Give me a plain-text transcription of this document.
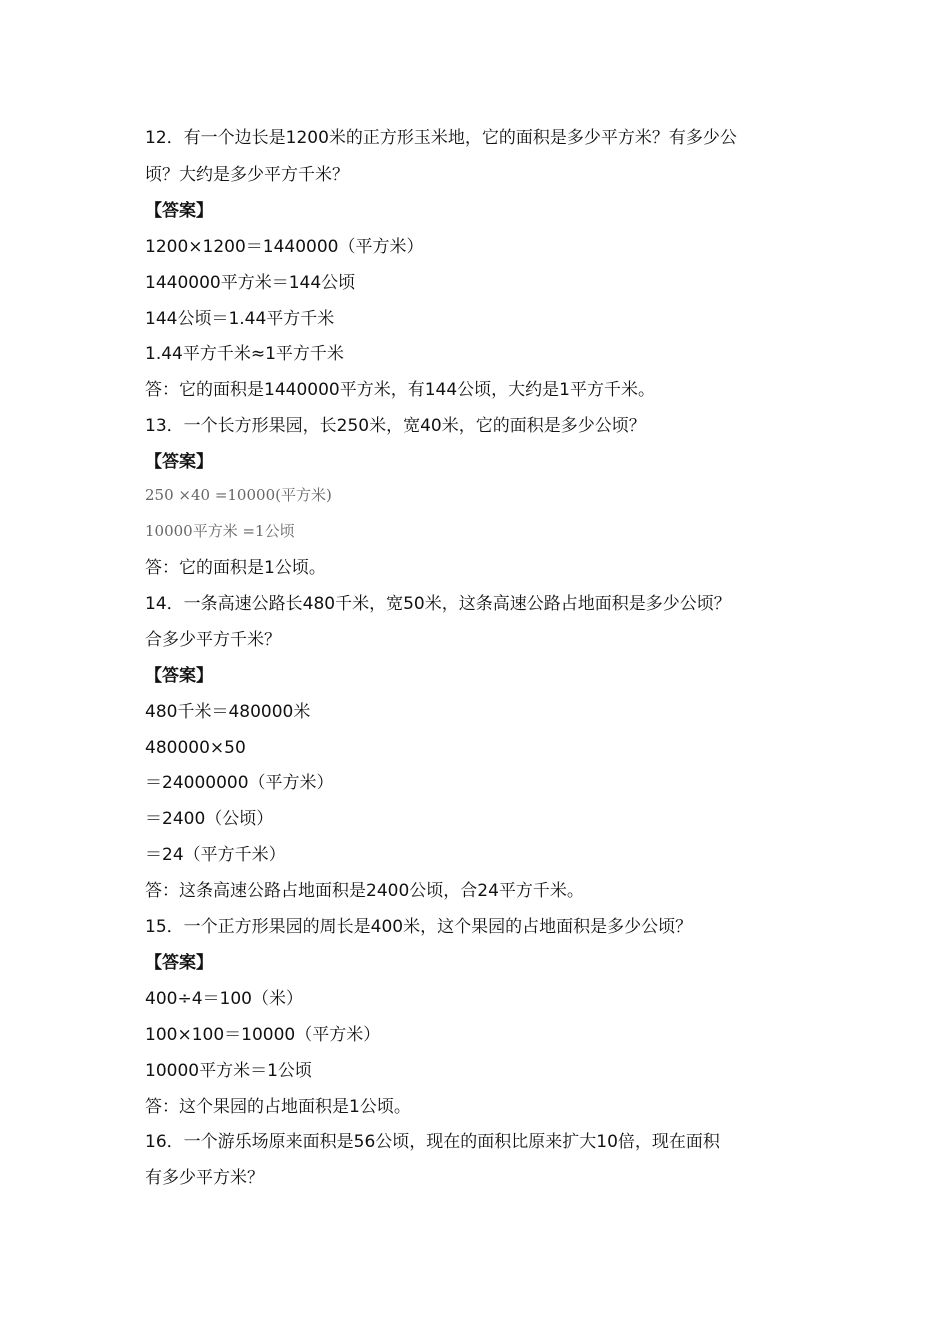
12．有一个边长是1200米的正方形玉米地，它的面积是多少平方米？有多少公
顷？大约是多少平方千米？
【答案】
1200×1200＝1440000（平方米）
1440000平方米＝144公顷
144公顷＝1.44平方千米
1.44平方千米≈1平方千米
答：它的面积是1440000平方米，有144公顷，大约是1平方千米。
13．一个长方形果园，长250米，宽40米，它的面积是多少公顷？
【答案】
250 ×40 =10000(平方米)
10000平方米 =1公顷
答：它的面积是1公顷。
14．一条高速公路长480千米，宽50米，这条高速公路占地面积是多少公顷？
合多少平方千米？
【答案】
480千米＝480000米
480000×50
＝24000000（平方米）
＝2400（公顷）
＝24（平方千米）
答：这条高速公路占地面积是2400公顷，合24平方千米。
15．一个正方形果园的周长是400米，这个果园的占地面积是多少公顷？
【答案】
400÷4＝100（米）
100×100＝10000（平方米）
10000平方米＝1公顷
答：这个果园的占地面积是1公顷。
16．一个游乐场原来面积是56公顷，现在的面积比原来扩大10倍，现在面积
有多少平方米？
